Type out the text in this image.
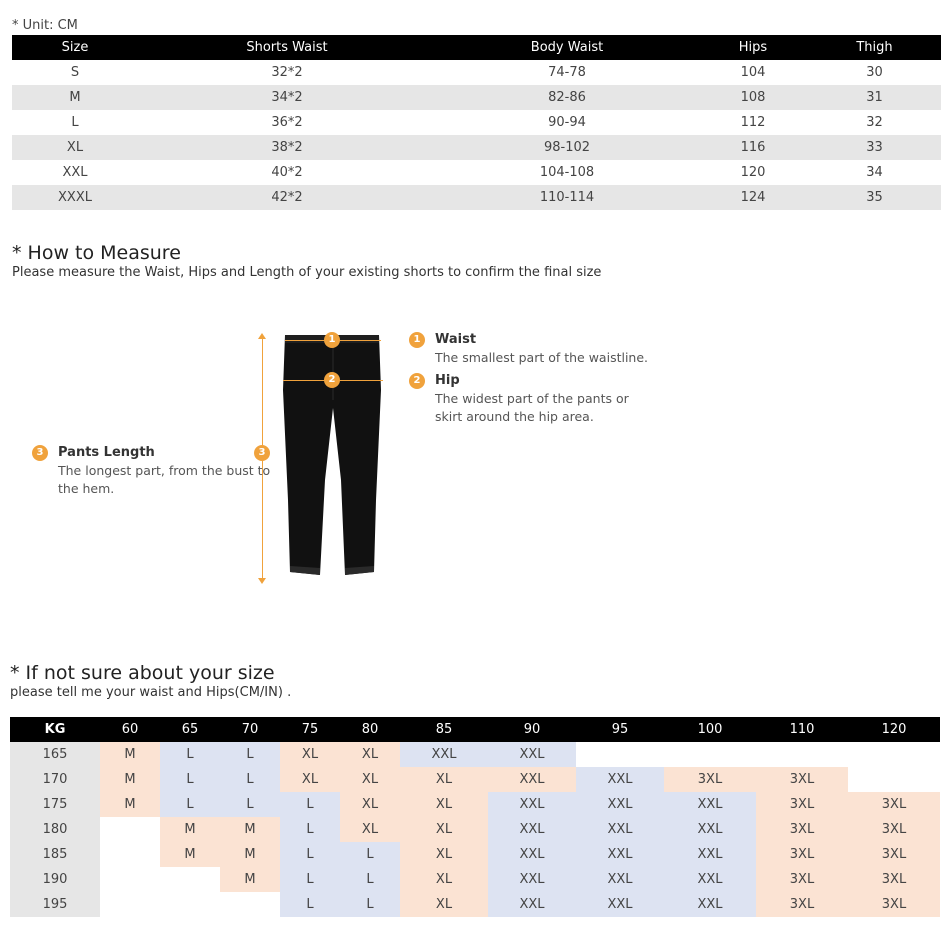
* Unit: CM
Size	Shorts Waist	Body Waist	Hips	Thigh
S	32*2	74-78	104	30
M	34*2	82-86	108	31
L	36*2	90-94	112	32
XL	38*2	98-102	116	33
XXL	40*2	104-108	120	34
XXXL	42*2	110-114	124	35
* How to Measure
Please measure the Waist, Hips and Length of your existing shorts to confirm the final size
1
2
3
1	Waist
The smallest part of the waistline.
2	Hip
The widest part of the pants or
skirt around the hip area.
3	Pants Length
The longest part, from the bust to
the hem.
* If not sure about your size
please tell me your waist and Hips(CM/IN) .
KG	60	65	70	75	80	85	90	95	100	110	120
165	M	L	L	XL	XL	XXL	XXL				
170	M	L	L	XL	XL	XL	XXL	XXL	3XL	3XL	
175	M	L	L	L	XL	XL	XXL	XXL	XXL	3XL	3XL
180		M	M	L	XL	XL	XXL	XXL	XXL	3XL	3XL
185		M	M	L	L	XL	XXL	XXL	XXL	3XL	3XL
190			M	L	L	XL	XXL	XXL	XXL	3XL	3XL
195				L	L	XL	XXL	XXL	XXL	3XL	3XL
